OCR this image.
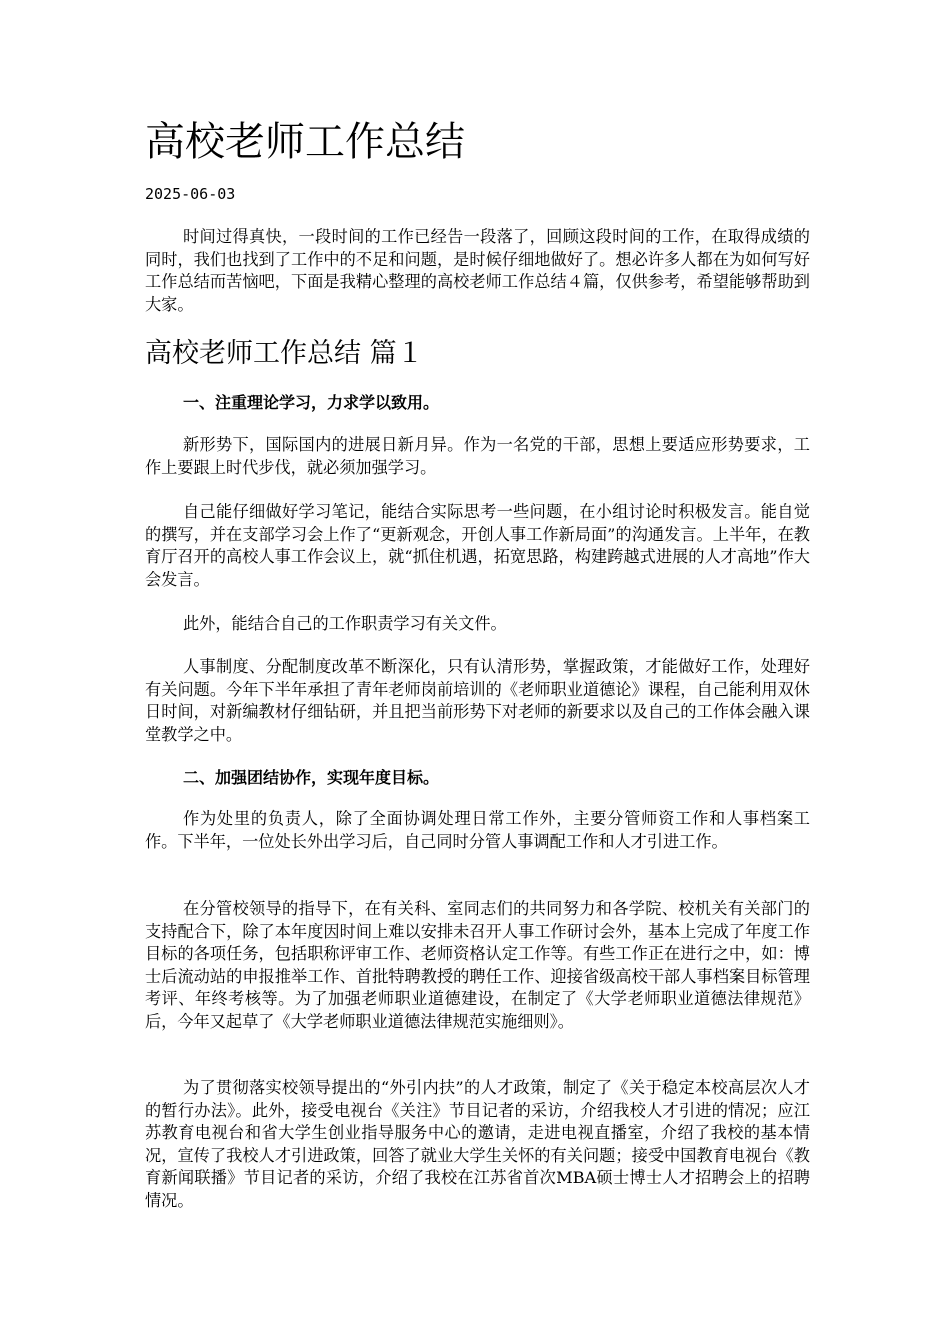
高校老师工作总结
2025-06-03

时间过得真快，一段时间的工作已经告一段落了，回顾这段时间的工作，在取得成绩的同时，我们也找到了工作中的不足和问题，是时候仔细地做好了。想必许多人都在为如何写好工作总结而苦恼吧，下面是我精心整理的高校老师工作总结４篇，仅供参考，希望能够帮助到大家。

高校老师工作总结 篇１
一、注重理论学习，力求学以致用。

新形势下，国际国内的进展日新月异。作为一名党的干部，思想上要适应形势要求，工作上要跟上时代步伐，就必须加强学习。

自己能仔细做好学习笔记，能结合实际思考一些问题，在小组讨论时积极发言。能自觉的撰写，并在支部学习会上作了“更新观念，开创人事工作新局面”的沟通发言。上半年，在教育厅召开的高校人事工作会议上，就“抓住机遇，拓宽思路，构建跨越式进展的人才高地”作大会发言。

此外，能结合自己的工作职责学习有关文件。

人事制度、分配制度改革不断深化，只有认清形势，掌握政策，才能做好工作，处理好有关问题。今年下半年承担了青年老师岗前培训的《老师职业道德论》课程，自己能利用双休日时间，对新编教材仔细钻研，并且把当前形势下对老师的新要求以及自己的工作体会融入课堂教学之中。

二、加强团结协作，实现年度目标。

作为处里的负责人，除了全面协调处理日常工作外，主要分管师资工作和人事档案工作。下半年，一位处长外出学习后，自己同时分管人事调配工作和人才引进工作。

在分管校领导的指导下，在有关科、室同志们的共同努力和各学院、校机关有关部门的支持配合下，除了本年度因时间上难以安排未召开人事工作研讨会外，基本上完成了年度工作目标的各项任务，包括职称评审工作、老师资格认定工作等。有些工作正在进行之中，如：博士后流动站的申报推举工作、首批特聘教授的聘任工作、迎接省级高校干部人事档案目标管理考评、年终考核等。为了加强老师职业道德建设，在制定了《大学老师职业道德法律规范》后，今年又起草了《大学老师职业道德法律规范实施细则》。

为了贯彻落实校领导提出的“外引内扶”的人才政策，制定了《关于稳定本校高层次人才的暂行办法》。此外，接受电视台《关注》节目记者的采访，介绍我校人才引进的情况；应江苏教育电视台和省大学生创业指导服务中心的邀请，走进电视直播室，介绍了我校的基本情况，宣传了我校人才引进政策，回答了就业大学生关怀的有关问题；接受中国教育电视台《教育新闻联播》节目记者的采访，介绍了我校在江苏省首次MBA硕士博士人才招聘会上的招聘情况。
